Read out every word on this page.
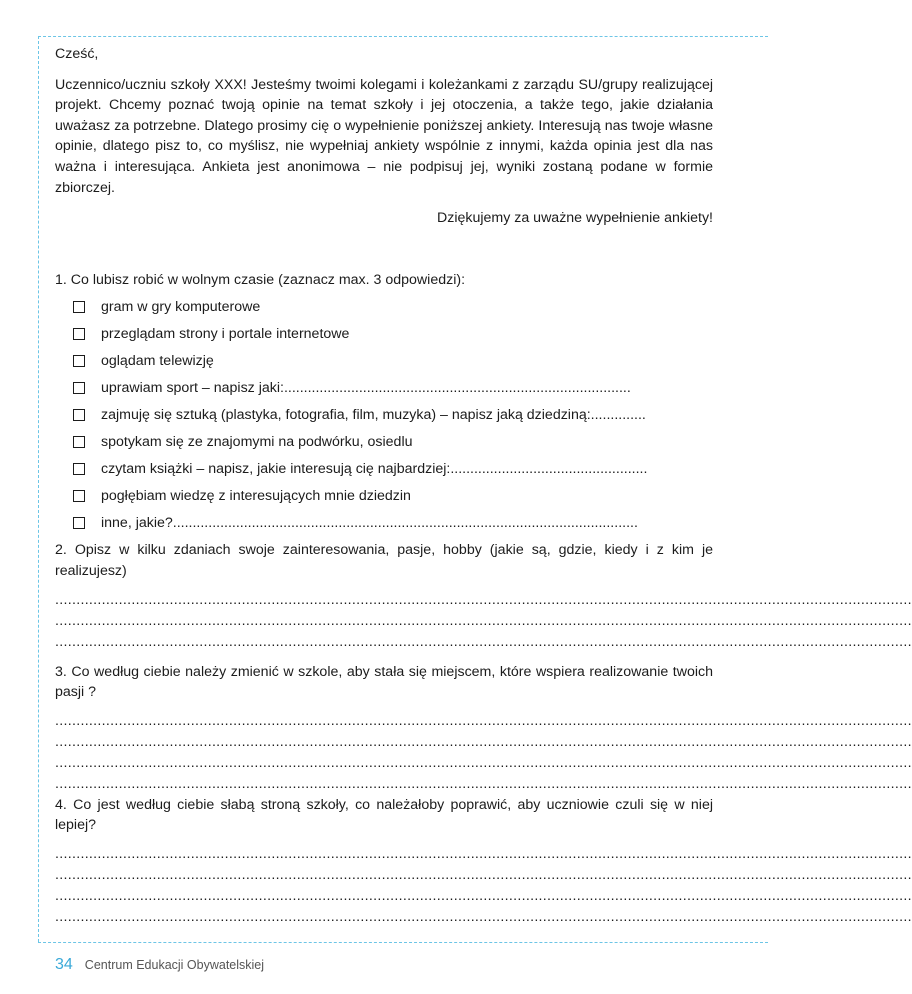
Cześć,

Uczennico/uczniu szkoły XXX! Jesteśmy twoimi kolegami i koleżankami z zarządu SU/grupy realizującej projekt. Chcemy poznać twoją opinie na temat szkoły i jej otoczenia, a także tego, jakie działania uważasz za potrzebne. Dlatego prosimy cię o wypełnienie poniższej ankiety. Interesują nas twoje własne opinie, dlatego pisz to, co myślisz, nie wypełniaj ankiety wspólnie z innymi, każda opinia jest dla nas ważna i interesująca. Ankieta jest anonimowa – nie podpisuj jej, wyniki zostaną podane w formie zbiorczej.

Dziękujemy za uważne wypełnienie ankiety!

1. Co lubisz robić w wolnym czasie (zaznacz max. 3 odpowiedzi):

gram w gry komputerowe
przeglądam strony i portale internetowe
oglądam telewizję
uprawiam sport – napisz jaki:........................................................................................
zajmuję się sztuką (plastyka, fotografia, film, muzyka) – napisz jaką dziedziną:..............
spotykam się ze znajomymi na podwórku, osiedlu
czytam książki – napisz, jakie interesują cię najbardziej:..................................................
pogłębiam wiedzę z interesujących mnie dziedzin
inne, jakie?......................................................................................................................

2. Opisz w kilku zdaniach swoje zainteresowania, pasje, hobby (jakie są, gdzie, kiedy i z kim je realizujesz)

..........................................................................................................................................................................................................
..........................................................................................................................................................................................................
..........................................................................................................................................................................................................

3. Co według ciebie należy zmienić w szkole, aby stała się miejscem, które wspiera realizowanie twoich pasji ?

..........................................................................................................................................................................................................
..........................................................................................................................................................................................................
..........................................................................................................................................................................................................
..........................................................................................................................................................................................................

4. Co jest według ciebie słabą stroną szkoły, co należałoby poprawić, aby uczniowie czuli się w niej lepiej?

..........................................................................................................................................................................................................
..........................................................................................................................................................................................................
..........................................................................................................................................................................................................
..........................................................................................................................................................................................................
34 Centrum Edukacji Obywatelskiej
